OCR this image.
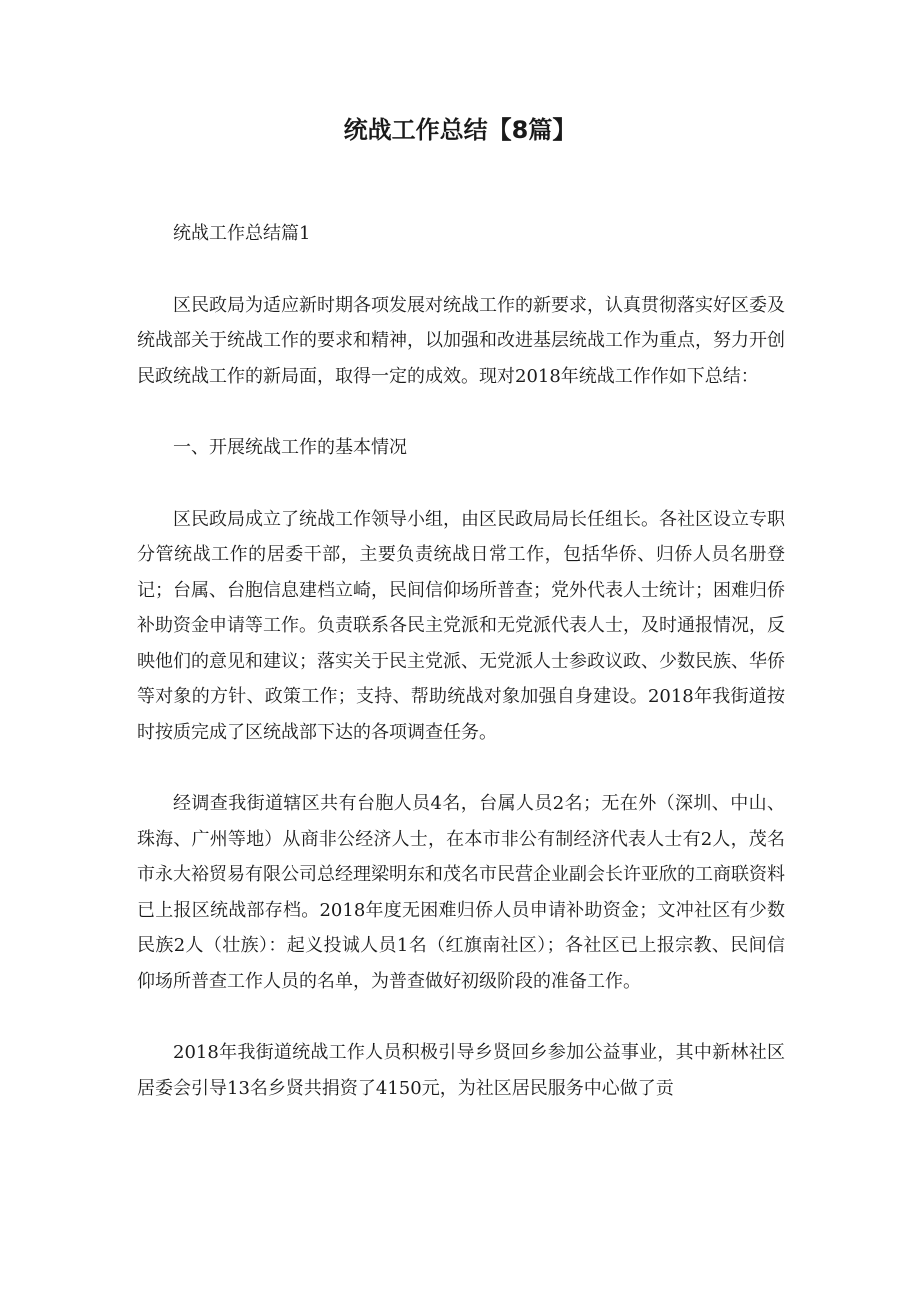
统战工作总结【8篇】

统战工作总结篇1

区民政局为适应新时期各项发展对统战工作的新要求，认真贯彻落实好区委及统战部关于统战工作的要求和精神，以加强和改进基层统战工作为重点，努力开创民政统战工作的新局面，取得一定的成效。现对2018年统战工作作如下总结：

一、开展统战工作的基本情况

区民政局成立了统战工作领导小组，由区民政局局长任组长。各社区设立专职分管统战工作的居委干部，主要负责统战日常工作，包括华侨、归侨人员名册登记；台属、台胞信息建档立崎，民间信仰场所普查；党外代表人士统计；困难归侨补助资金申请等工作。负责联系各民主党派和无党派代表人士，及时通报情况，反映他们的意见和建议；落实关于民主党派、无党派人士参政议政、少数民族、华侨等对象的方针、政策工作；支持、帮助统战对象加强自身建设。2018年我街道按时按质完成了区统战部下达的各项调查任务。

经调查我街道辖区共有台胞人员4名，台属人员2名；无在外（深圳、中山、珠海、广州等地）从商非公经济人士，在本市非公有制经济代表人士有2人，茂名市永大裕贸易有限公司总经理梁明东和茂名市民营企业副会长许亚欣的工商联资料已上报区统战部存档。2018年度无困难归侨人员申请补助资金；文冲社区有少数民族2人（壮族）：起义投诚人员1名（红旗南社区）；各社区已上报宗教、民间信仰场所普查工作人员的名单，为普查做好初级阶段的准备工作。

2018年我街道统战工作人员积极引导乡贤回乡参加公益事业，其中新林社区居委会引导13名乡贤共捐资了4150元，为社区居民服务中心做了贡
